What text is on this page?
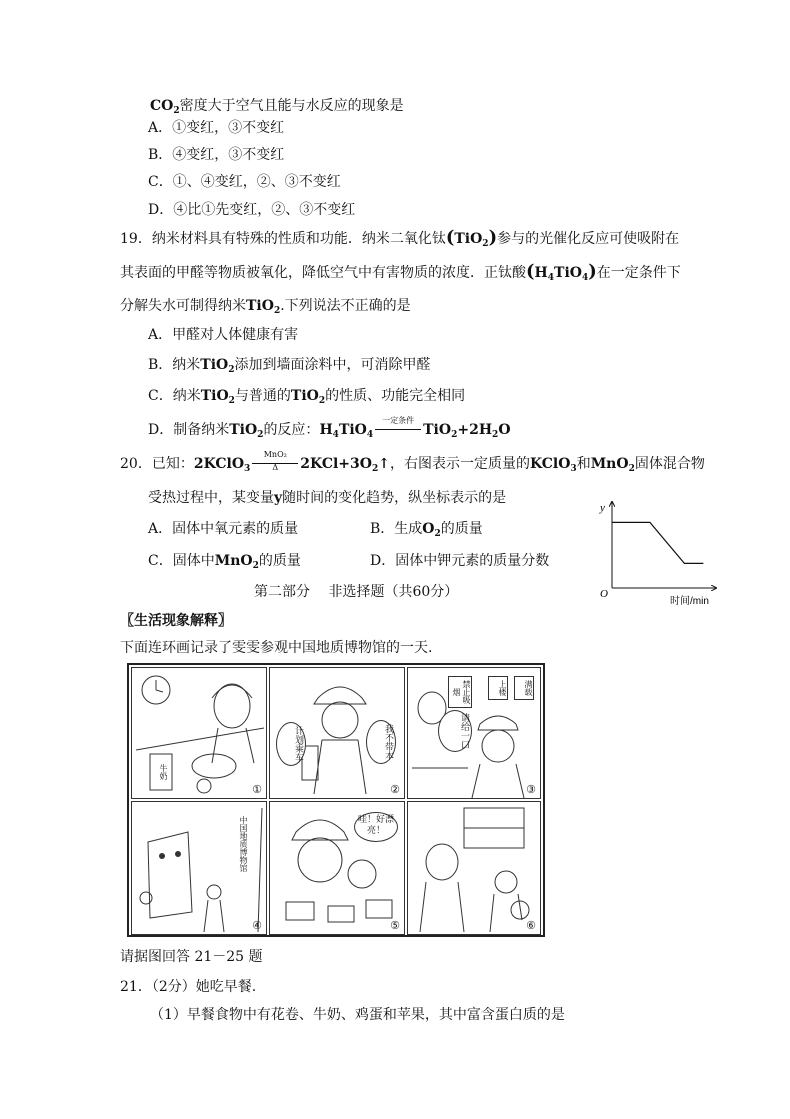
$CO_2$密度大于空气且能与水反应的现象是
A．①变红，③不变红
B．④变红，③不变红
C．①、④变红，②、③不变红
D．④比①先变红，②、③不变红
19．纳米材料具有特殊的性质和功能．纳米二氧化钛(TiO$_2$)参与的光催化反应可使吸附在
其表面的甲醛等物质被氧化，降低空气中有害物质的浓度．正钛酸$(H_4TiO_4)$在一定条件下
分解失水可制得纳米TiO$_2$.下列说法不正确的是
A．甲醛对人体健康有害
B．纳米TiO$_2$添加到墙面涂料中，可消除甲醛
C．纳米TiO$_2$与普通的TiO$_2$的性质、功能完全相同
D．制备纳米TiO$_2$的反应：$H_4TiO_4$
一定条件
$TiO_2+2H_2O$
20．已知：2KClO$_3$
MnO₂
Δ	$2KCl+3O_2↑$，右图表示一定质量的KClO$_3$和MnO$_2$固体混合物
受热过程中，某变量y随时间的变化趋势，纵坐标表示的是
A．固体中氧元素的质量	B．生成$O_2$的质量
C．固体中MnO$_2$的质量	D．固体中钾元素的质量分数
y
O
时间/min
第二部分　 非选择题（共60分）
〖生活现象解释〗
下面连环画记录了雯雯参观中国地质博物馆的一天.
牛奶
①
计划乘车	我不带本
②
禁止吸烟	上楼	满载
请给一口
③
中国地质博物馆
④
哇！好漂亮！
⑤	⑥
请据图回答 21－25 题
21．（2分）她吃早餐.
（1）早餐食物中有花卷、牛奶、鸡蛋和苹果，其中富含蛋白质的是
